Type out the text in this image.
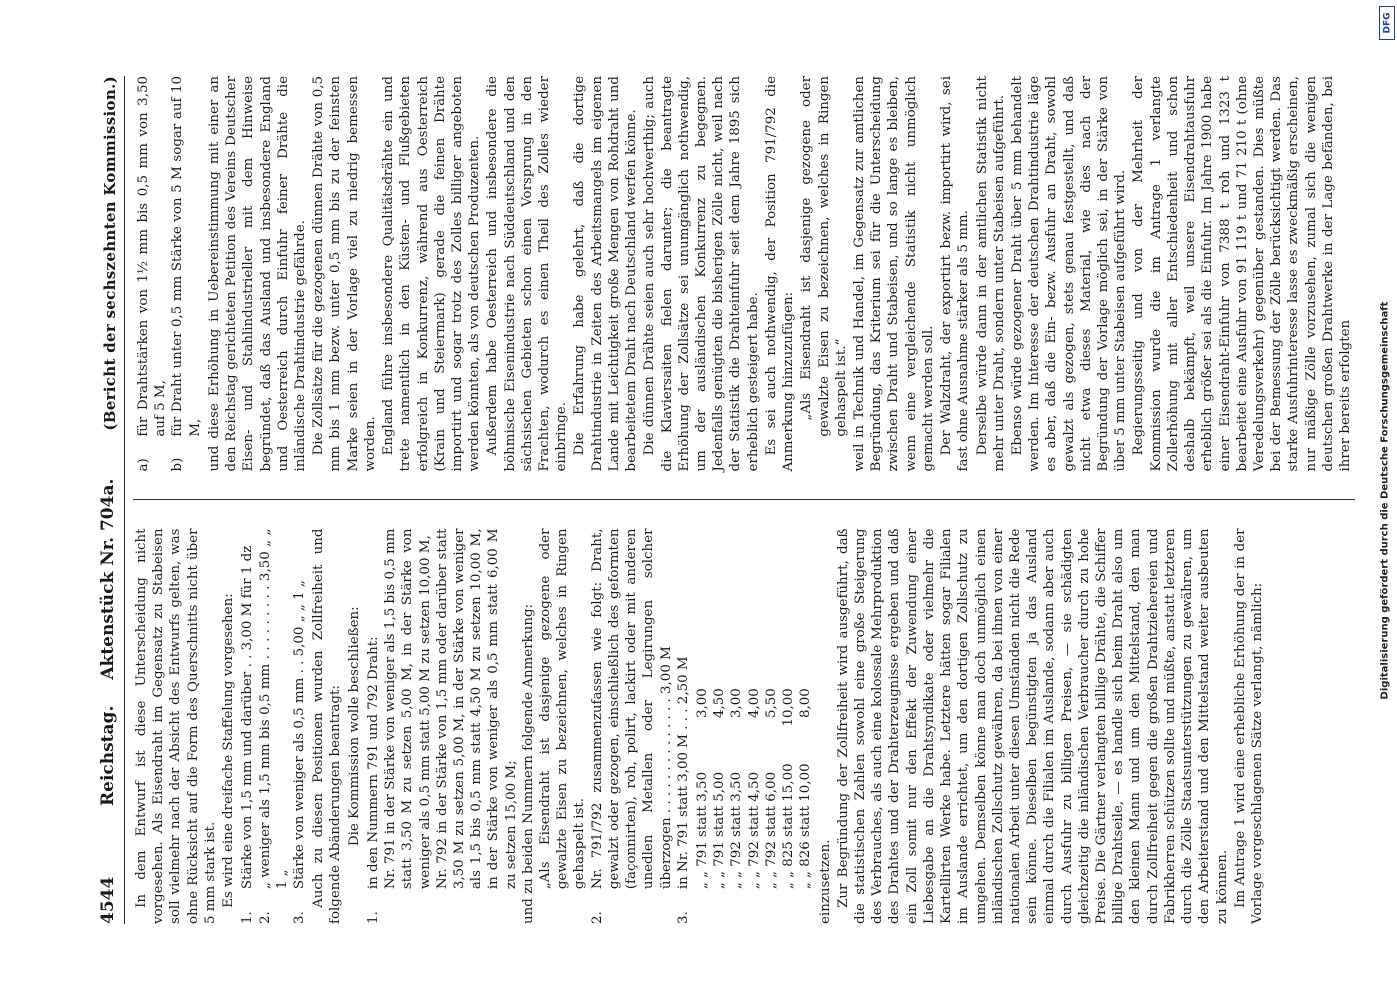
4544
Reichstag.
Aktenstück Nr. 704a.
(Bericht der sechszehnten Kommission.)

In dem Entwurf ist diese Unterscheidung nicht vorgesehen. Als Eisendraht im Gegensatz zu Stabeisen soll vielmehr nach der Absicht des Entwurfs gelten, was ohne Rücksicht auf die Form des Querschnitts nicht über 5 mm stark ist. Es wird eine dreifache Staffelung vorgesehen:

1.
Stärke von 1,5 mm und darüber . . 3,00 M für 1 dz
2.
„ weniger als 1,5 mm bis 0,5 mm . . . . . . . . . 3,50 „ „ 1 „
3.
Stärke von weniger als 0,5 mm . . 5,00 „ „ 1 „ Auch zu diesen Positionen wurden Zollfreiheit und folgende Abänderungen beantragt: Die Kommission wolle beschließen:

1.
in den Nummern 791 und 792 Draht: Nr. 791 in der Stärke von weniger als 1,5 bis 0,5 mm statt 3,50 M zu setzen 5,00 M, in der Stärke von weniger als 0,5 mm statt 5,00 M zu setzen 10,00 M, Nr. 792 in der Stärke von 1,5 mm oder darüber statt 3,50 M zu setzen 5,00 M, in der Stärke von weniger als 1,5 bis 0,5 mm statt 4,50 M zu setzen 10,00 M, in der Stärke von weniger als 0,5 mm statt 6,00 M zu setzen 15,00 M; und zu beiden Nummern folgende Anmerkung: „Als Eisendraht ist dasjenige gezogene oder gewalzte Eisen zu bezeichnen, welches in Ringen gehaspelt ist.
2.
Nr. 791/792 zusammenzufassen wie folgt: Draht, gewalzt oder gezogen, einschließlich des geformten (façonnirten), roh, polirt, lackirt oder mit anderen unedlen Metallen oder Legirungen solcher überzogen . . . . . . . . . . . . . . 3,00 M
3.
in Nr. 791 statt 3,00 M . . . 2,50 M „ „ 791 statt 3,50
3,00
„ „ 791 statt 5,00
4,50
„ „ 792 statt 3,50
3,00
„ „ 792 statt 4,50
4,00
„ „ 792 statt 6,00
5,50
„ „ 825 statt 15,00
10,00
„ „ 826 statt 10,00
8,00

einzusetzen. Zur Begründung der Zollfreiheit wird ausgeführt, daß die statistischen Zahlen sowohl eine große Steigerung des Verbrauches, als auch eine kolossale Mehrproduktion des Drahtes und der Drahterzeugnisse ergeben und daß ein Zoll somit nur den Effekt der Zuwendung einer Liebesgabe an die Drahtsyndikate oder vielmehr die Kartellirten Werke habe. Letztere hätten sogar Filialen im Auslande errichtet, um den dortigen Zollschutz zu umgehen. Demselben könne man doch unmöglich einen inländischen Zollschutz gewähren, da bei ihnen von einer nationalen Arbeit unter diesen Umständen nicht die Rede sein könne. Dieselben begünstigten ja das Ausland einmal durch die Filialen im Auslande, sodann aber auch durch Ausfuhr zu billigen Preisen, — sie schädigten gleichzeitig die inländischen Verbraucher durch zu hohe Preise. Die Gärtner verlangten billige Drähte, die Schiffer billige Drahtseile, — es handle sich beim Draht also um den kleinen Mann und um den Mittelstand, den man durch Zollfreiheit gegen die großen Drahtziehereien und Fabrikherren schützen sollte und müßte, anstatt letzteren durch die Zölle Staatsunterstützungen zu gewähren, um den Arbeiterstand und den Mittelstand weiter ausbeuten zu können. Im Antrage 1 wird eine erhebliche Erhöhung der in der Vorlage vorgeschlagenen Sätze verlangt, nämlich:

a)
für Drahtstärken von 1½ mm bis 0,5 mm von 3,50 auf 5 M,
b)
für Draht unter 0,5 mm Stärke von 5 M sogar auf 10 M, und diese Erhöhung in Uebereinstimmung mit einer an den Reichstag gerichteten Petition des Vereins Deutscher Eisen- und Stahlindustrieller mit dem Hinweise begründet, daß das Ausland und insbesondere England und Oesterreich durch Einfuhr feiner Drähte die inländische Drahtindustrie gefährde. Die Zollsätze für die gezogenen dünnen Drähte von 0,5 mm bis 1 mm bezw. unter 0,5 mm bis zu der feinsten Marke seien in der Vorlage viel zu niedrig bemessen worden. England führe insbesondere Qualitätsdrähte ein und trete namentlich in den Küsten- und Flußgebieten erfolgreich in Konkurrenz, während aus Oesterreich (Krain und Steiermark) gerade die feinen Drähte importirt und sogar trotz des Zolles billiger angeboten werden könnten, als von deutschen Produzenten. Außerdem habe Oesterreich und insbesondere die böhmische Eisenindustrie nach Süddeutschland und den sächsischen Gebieten schon einen Vorsprung in den Frachten, wodurch es einen Theil des Zolles wieder einbringe. Die Erfahrung habe gelehrt, daß die dortige Drahtindustrie in Zeiten des Arbeitsmangels im eigenen Lande mit Leichtigkeit große Mengen von Rohdraht und bearbeitetem Draht nach Deutschland werfen könne. Die dünnen Drähte seien auch sehr hochwerthig; auch die Klaviersaiten fielen darunter; die beantragte Erhöhung der Zollsätze sei unumgänglich nothwendig, um der ausländischen Konkurrenz zu begegnen. Jedenfalls genügten die bisherigen Zölle nicht, weil nach der Statistik die Drahteinfuhr seit dem Jahre 1895 sich erheblich gesteigert habe. Es sei auch nothwendig, der Position 791/792 die Anmerkung hinzuzufügen: „Als Eisendraht ist dasjenige gezogene oder gewalzte Eisen zu bezeichnen, welches in Ringen gehaspelt ist.“ weil in Technik und Handel, im Gegensatz zur amtlichen Begründung, das Kriterium sei für die Unterscheidung zwischen Draht und Stabeisen, und so lange es bleiben, wenn eine vergleichende Statistik nicht unmöglich gemacht werden soll. Der Walzdraht, der exportirt bezw. importirt wird, sei fast ohne Ausnahme stärker als 5 mm. Derselbe würde dann in der amtlichen Statistik nicht mehr unter Draht, sondern unter Stabeisen aufgeführt. Ebenso würde gezogener Draht über 5 mm behandelt werden. Im Interesse der deutschen Drahtindustrie läge es aber, daß die Ein- bezw. Ausfuhr an Draht, sowohl gewalzt als gezogen, stets genau festgestellt, und daß nicht etwa dieses Material, wie dies nach der Begründung der Vorlage möglich sei, in der Stärke von über 5 mm unter Stabeisen aufgeführt wird. Regierungsseitig und von der Mehrheit der Kommission wurde die im Antrage 1 verlangte Zollerhöhung mit aller Entschiedenheit und schon deshalb bekämpft, weil unsere Eisendrahtausfuhr erheblich größer sei als die Einfuhr. Im Jahre 1900 habe einer Eisendraht-Einfuhr von 7388 t roh und 1323 t bearbeitet eine Ausfuhr von 91 119 t und 71 210 t (ohne Veredelungsverkehr) gegenüber gestanden. Dies müßte bei der Bemessung der Zölle berücksichtigt werden. Das starke Ausfuhrinteresse lasse es zweckmäßig erscheinen, nur mäßige Zölle vorzusehen, zumal sich die wenigen deutschen großen Drahtwerke in der Lage befänden, bei ihrer bereits erfolgten

DFG
Digitalisierung gefördert durch die Deutsche Forschungsgemeinschaft
